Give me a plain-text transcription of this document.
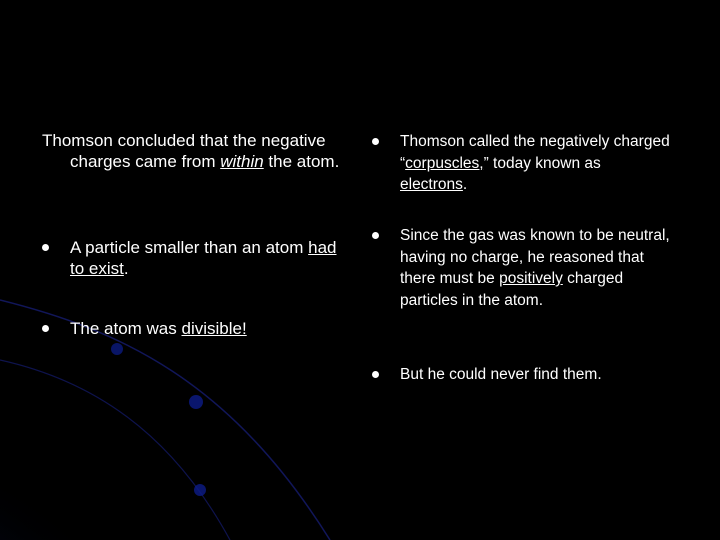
Thomson concluded that the negative charges came from within the atom.
A particle smaller than an atom had to exist.
The atom was divisible!
Thomson called the negatively charged “corpuscles,” today known as electrons.
Since the gas was known to be neutral, having no charge, he reasoned that there must be positively charged particles in the atom.
But he could never find them.
